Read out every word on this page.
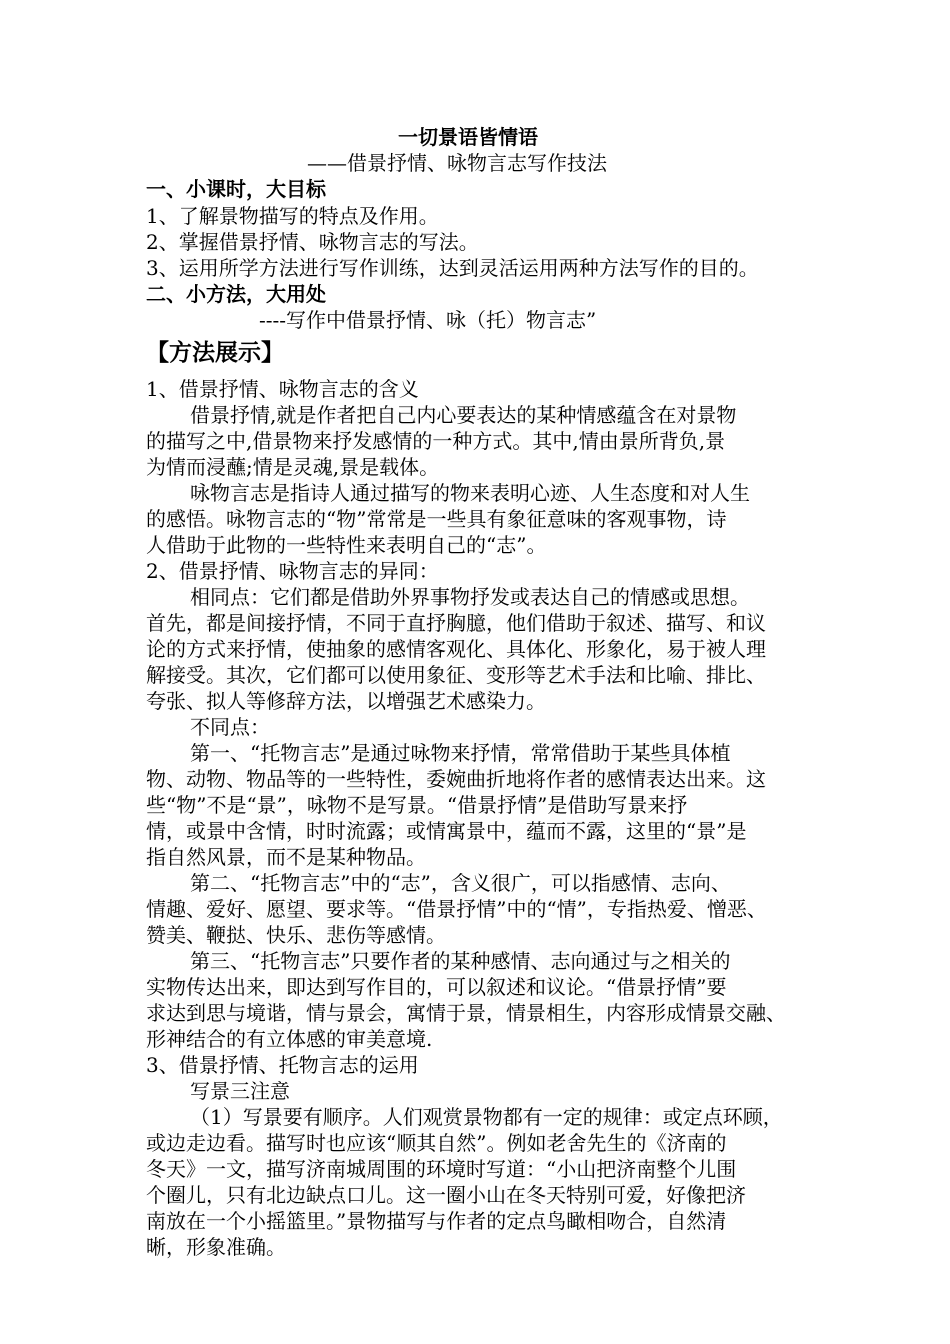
一切景语皆情语
——借景抒情、咏物言志写作技法
一、小课时，大目标
1、了解景物描写的特点及作用。
2、掌握借景抒情、咏物言志的写法。
3、运用所学方法进行写作训练，达到灵活运用两种方法写作的目的。
二、小方法，大用处
----写作中借景抒情、咏（托）物言志”
【方法展示】
1、借景抒情、咏物言志的含义
借景抒情,就是作者把自己内心要表达的某种情感蕴含在对景物
的描写之中,借景物来抒发感情的一种方式。其中,情由景所背负,景
为情而浸蘸;情是灵魂,景是载体。
咏物言志是指诗人通过描写的物来表明心迹、人生态度和对人生
的感悟。咏物言志的“物”常常是一些具有象征意味的客观事物，诗
人借助于此物的一些特性来表明自己的“志”。
2、借景抒情、咏物言志的异同：
相同点：它们都是借助外界事物抒发或表达自己的情感或思想。
首先，都是间接抒情，不同于直抒胸臆，他们借助于叙述、描写、和议
论的方式来抒情，使抽象的感情客观化、具体化、形象化，易于被人理
解接受。其次，它们都可以使用象征、变形等艺术手法和比喻、排比、
夸张、拟人等修辞方法，以增强艺术感染力。
不同点：
第一、“托物言志”是通过咏物来抒情，常常借助于某些具体植
物、动物、物品等的一些特性，委婉曲折地将作者的感情表达出来。这
些“物”不是“景”，咏物不是写景。“借景抒情”是借助写景来抒
情，或景中含情，时时流露；或情寓景中，蕴而不露，这里的“景”是
指自然风景，而不是某种物品。
第二、“托物言志”中的“志”，含义很广，可以指感情、志向、
情趣、爱好、愿望、要求等。“借景抒情”中的“情”，专指热爱、憎恶、
赞美、鞭挞、快乐、悲伤等感情。
第三、“托物言志”只要作者的某种感情、志向通过与之相关的
实物传达出来，即达到写作目的，可以叙述和议论。“借景抒情”要
求达到思与境谐，情与景会，寓情于景，情景相生，内容形成情景交融、
形神结合的有立体感的审美意境.
3、借景抒情、托物言志的运用
写景三注意
（1）写景要有顺序。人们观赏景物都有一定的规律：或定点环顾，
或边走边看。描写时也应该“顺其自然”。例如老舍先生的《济南的
冬天》一文，描写济南城周围的环境时写道：“小山把济南整个儿围
个圈儿，只有北边缺点口儿。这一圈小山在冬天特别可爱，好像把济
南放在一个小摇篮里。”景物描写与作者的定点鸟瞰相吻合，自然清
晰，形象准确。
